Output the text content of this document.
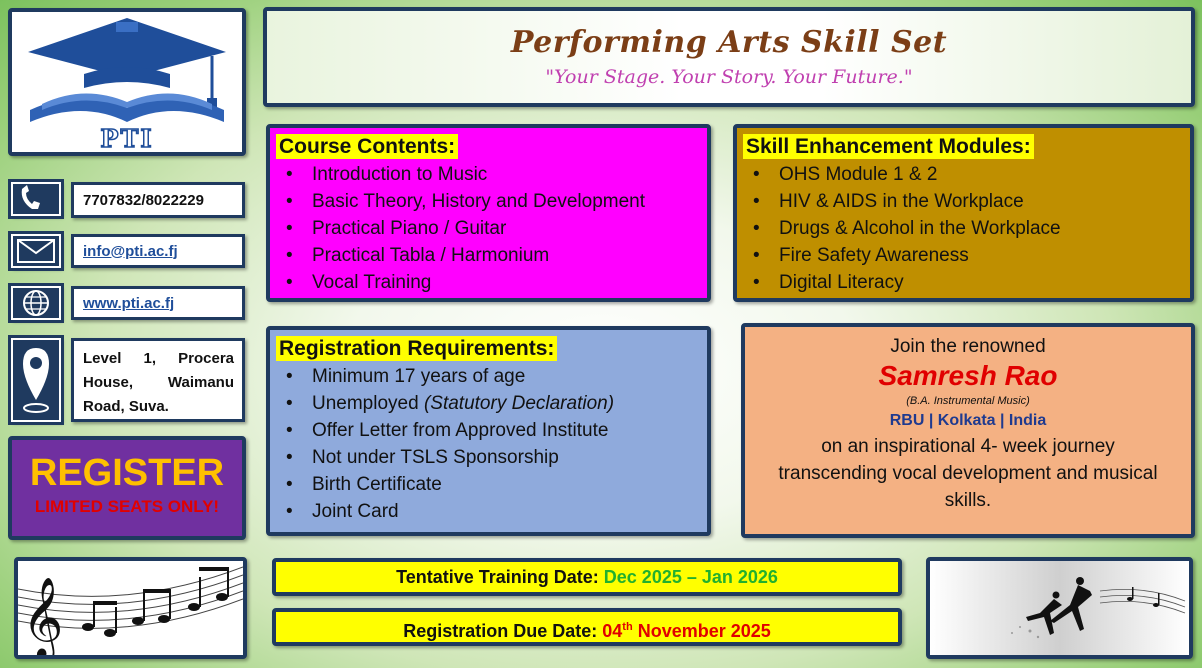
PTI
7707832/8022229
info@pti.ac.fj
www.pti.ac.fj
Level 1, Procera House, Waimanu Road, Suva.
REGISTER
LIMITED SEATS ONLY!
Performing Arts Skill Set
"Your Stage. Your Story. Your Future."
Course Contents:
• Introduction to Music
• Basic Theory, History and Development
• Practical Piano / Guitar
• Practical Tabla / Harmonium
• Vocal Training
Skill Enhancement Modules:
• OHS Module 1 & 2
• HIV & AIDS in the Workplace
• Drugs & Alcohol in the Workplace
• Fire Safety Awareness
• Digital Literacy
Registration Requirements:
• Minimum 17 years of age
• Unemployed (Statutory Declaration)
• Offer Letter from Approved Institute
• Not under TSLS Sponsorship
• Birth Certificate
• Joint Card
Join the renowned
Samresh Rao
(B.A. Instrumental Music)
RBU | Kolkata | India
on an inspirational 4- week journey
transcending vocal development and musical skills.
Tentative Training Date: Dec 2025 – Jan 2026
Registration Due Date: 04th November 2025
𝄞
